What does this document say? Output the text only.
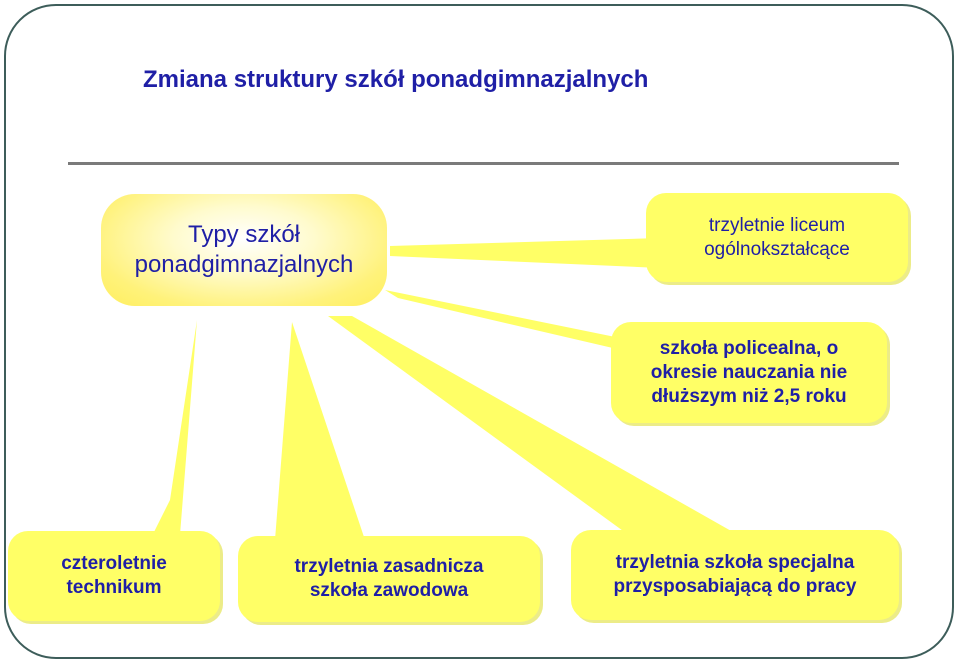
Zmiana struktury szkół ponadgimnazjalnych
Typy szkół
ponadgimnazjalnych
trzyletnie liceum
ogólnokształcące
szkoła policealna, o
okresie nauczania nie
dłuższym niż 2,5 roku
czteroletnie
technikum
trzyletnia zasadnicza
szkoła zawodowa
trzyletnia szkoła specjalna
przysposabiającą do pracy
